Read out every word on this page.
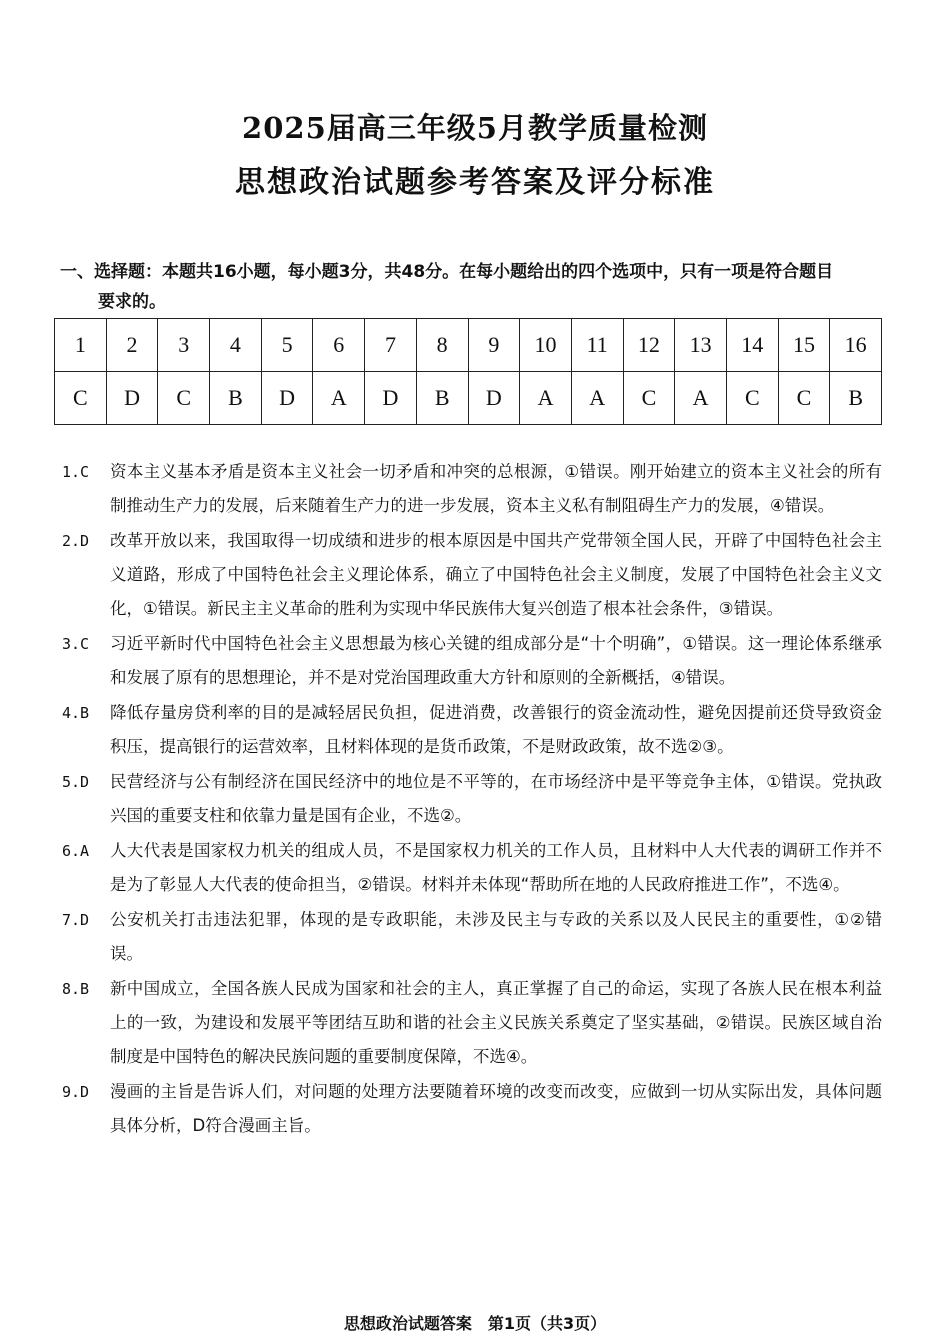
2025届高三年级5月教学质量检测
思想政治试题参考答案及评分标准
一、选择题：本题共16小题，每小题3分，共48分。在每小题给出的四个选项中，只有一项是符合题目
要求的。
1	2	3	4	5	6	7	8	9	10	11	12	13	14	15	16
C	D	C	B	D	A	D	B	D	A	A	C	A	C	C	B
1.C 资本主义基本矛盾是资本主义社会一切矛盾和冲突的总根源，①错误。刚开始建立的资本主义社会的所有制推动生产力的发展，后来随着生产力的进一步发展，资本主义私有制阻碍生产力的发展，④错误。
2.D 改革开放以来，我国取得一切成绩和进步的根本原因是中国共产党带领全国人民，开辟了中国特色社会主义道路，形成了中国特色社会主义理论体系，确立了中国特色社会主义制度，发展了中国特色社会主义文化，①错误。新民主主义革命的胜利为实现中华民族伟大复兴创造了根本社会条件，③错误。
3.C 习近平新时代中国特色社会主义思想最为核心关键的组成部分是“十个明确”，①错误。这一理论体系继承和发展了原有的思想理论，并不是对党治国理政重大方针和原则的全新概括，④错误。
4.B 降低存量房贷利率的目的是减轻居民负担，促进消费，改善银行的资金流动性，避免因提前还贷导致资金积压，提高银行的运营效率，且材料体现的是货币政策，不是财政政策，故不选②③。
5.D 民营经济与公有制经济在国民经济中的地位是不平等的，在市场经济中是平等竞争主体，①错误。党执政兴国的重要支柱和依靠力量是国有企业，不选②。
6.A 人大代表是国家权力机关的组成人员，不是国家权力机关的工作人员，且材料中人大代表的调研工作并不是为了彰显人大代表的使命担当，②错误。材料并未体现“帮助所在地的人民政府推进工作”，不选④。
7.D 公安机关打击违法犯罪，体现的是专政职能，未涉及民主与专政的关系以及人民民主的重要性，①②错误。
8.B 新中国成立，全国各族人民成为国家和社会的主人，真正掌握了自己的命运，实现了各族人民在根本利益上的一致，为建设和发展平等团结互助和谐的社会主义民族关系奠定了坚实基础，②错误。民族区域自治制度是中国特色的解决民族问题的重要制度保障，不选④。
9.D 漫画的主旨是告诉人们，对问题的处理方法要随着环境的改变而改变，应做到一切从实际出发，具体问题具体分析，D符合漫画主旨。
思想政治试题答案　第1页（共3页）
